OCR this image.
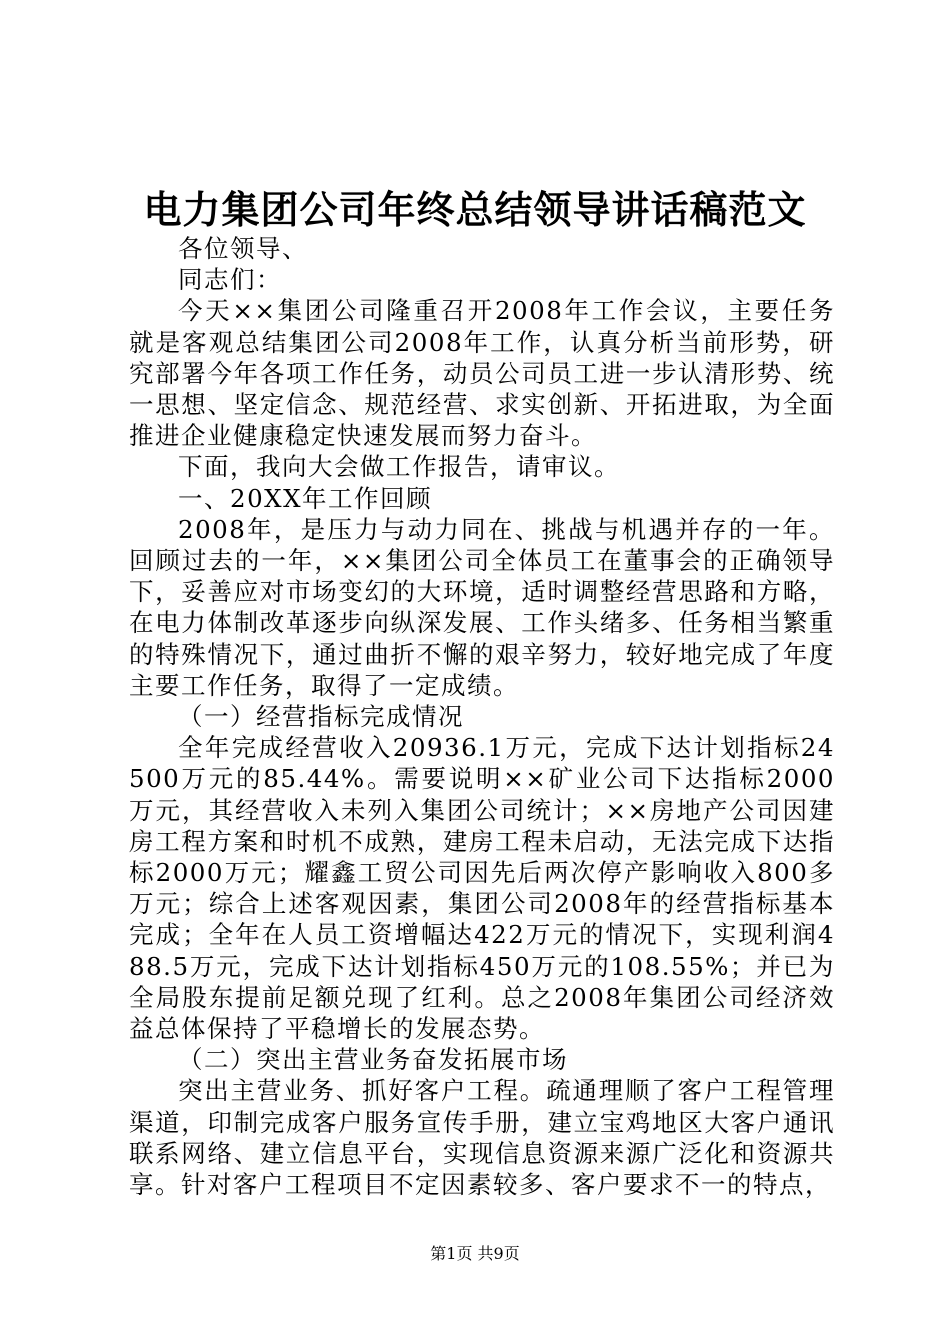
电力集团公司年终总结领导讲话稿范文

各位领导、

同志们：

今天××集团公司隆重召开2008年工作会议，主要任务就是客观总结集团公司2008年工作，认真分析当前形势，研究部署今年各项工作任务，动员公司员工进一步认清形势、统一思想、坚定信念、规范经营、求实创新、开拓进取，为全面推进企业健康稳定快速发展而努力奋斗。

下面，我向大会做工作报告，请审议。

一、20XX年工作回顾

2008年，是压力与动力同在、挑战与机遇并存的一年。回顾过去的一年，××集团公司全体员工在董事会的正确领导下，妥善应对市场变幻的大环境，适时调整经营思路和方略，在电力体制改革逐步向纵深发展、工作头绪多、任务相当繁重的特殊情况下，通过曲折不懈的艰辛努力，较好地完成了年度主要工作任务，取得了一定成绩。

（一）经营指标完成情况

全年完成经营收入20936.1万元，完成下达计划指标24500万元的85.44%。需要说明××矿业公司下达指标2000万元，其经营收入未列入集团公司统计；××房地产公司因建房工程方案和时机不成熟，建房工程未启动，无法完成下达指标2000万元；耀鑫工贸公司因先后两次停产影响收入800多万元；综合上述客观因素，集团公司2008年的经营指标基本完成；全年在人员工资增幅达422万元的情况下，实现利润488.5万元，完成下达计划指标450万元的108.55%；并已为全局股东提前足额兑现了红利。总之2008年集团公司经济效益总体保持了平稳增长的发展态势。

（二）突出主营业务奋发拓展市场

突出主营业务、抓好客户工程。疏通理顺了客户工程管理渠道，印制完成客户服务宣传手册，建立宝鸡地区大客户通讯联系网络、建立信息平台，实现信息资源来源广泛化和资源共享。针对客户工程项目不定因素较多、客户要求不一的特点，

第1页 共9页
